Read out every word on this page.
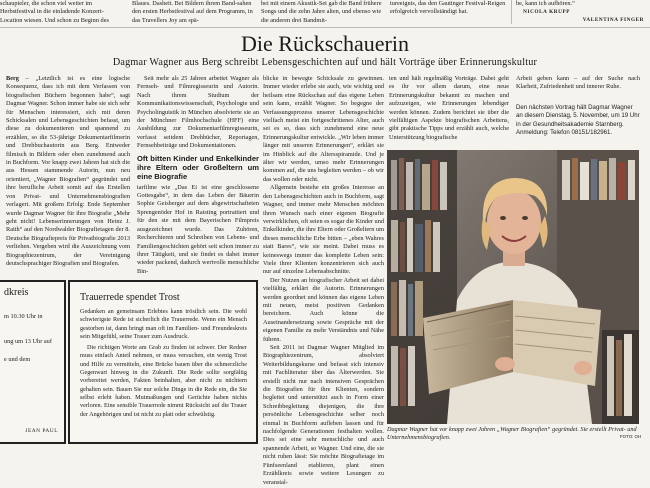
schaupieler, die schon viel weiter im Herbstfestival in die einladende Konzert-Location wiesen. Und schon zu Beginn des
Blaues. Dasheit. Bei Bildern ihrem Band-sahen den ersten Herbstfestival auf dem Programm, in das Travellers Joy am spä-
bei mit einem Akustik-Set gab die Band frühere Songs und die zehn Jahre alten, und ebenso wie die anderen drei Bandmit-
tureeignis, das den Gautinger Festival-Reigen erfolgreich vervollständigt hat.
be, kann ich aufhören.“
NICOLA KRUPP
VALENTINA FINGER
Die Rückschauerin
Dagmar Wagner aus Berg schreibt Lebensgeschichten auf und hält Vorträge über Erinnerungskultur

Berg – „Letztlich ist es eine logische Konsequenz, dass ich mit dem Verfassen von biografischen Büchern begonnen habe“, sagt Dagmar Wagner. Schon immer habe sie sich sehr für Menschen interessiert, sich mit deren Schicksalen und Lebensgeschichten befasst, um diese zu dokumentieren und spannend zu erzählen, so die 53-jährige Dokumentarfilmerin und Drehbuchautorin aus Berg. Entweder filmisch in Bildern oder eben zunehmend auch in Buchform. Vor knapp zwei Jahren hat sich die aus Hessen stammende Autorin, nun neu orientiert, „Wagner Biografien“ gegründet und ihre berufliche Arbeit somit auf das Erstellen von Privat- und Unternehmensbiografien verlagert. Mit großem Erfolg: Ende September wurde Dagmar Wagner für ihre Biografie „Mehr geht nicht! Lebenserinnerungen von Heinz J. Raith“ auf den Nordwalder Biografietagen der 8. Deutsche Biografiepreis für Privatbiografie 2013 verliehen. Vergeben wird die Auszeichnung vom Biographiezentrum, der Vereinigung deutschsprachiger Biografien und Biografen.

Seit mehr als 25 Jahren arbeitet Wagner als Fernseh- und Filmregisseurin und Autorin. Nach ihrem Studium der Kommunikationswissenschaft, Psychologie und Psycholinguistik in München absolvierte sie an der Münchner Filmhochschule (HFF) eine Ausbildung zur Dokumentarfilmregisseurin, verfasst seitdem Drehbücher, Reportagen, Fernsehbeiträge und Dokumentationen.

Oft bitten Kinder und Enkelkinder ihre Eltern oder Großeltern um eine Biografie

tarfilme wie „Das Ei ist eine geschlossene Gottesgabe“, in dem das Leben der Bäuerin Sophie Geisberger auf dem abgewirtschafteten Sprengenöder Hof in Raisting portraitiert und für den sie mit dem Bayerischen Filmpreis ausgezeichnet wurde. Das Zuhören, Recherchieren und Schreiben von Lebens- und Familiengeschichten gehört seit schon immer zu ihrer Tätigkeit, und sie findet es dabei immer wieder packend, dadurch wertvolle menschliche Bin-

blicke in bewegte Schicksale zu gewinnen. Immer wieder erlebe sie auch, wie wichtig und heilsam eine Rückschau auf das eigene Leben sein kann, erzählt Wagner. So begegne der Verfassungsprozess unserer Lebensgeschichte vielfach meist ein fortgeschrittenes Alter, auch sei es so, dass sich zunehmend eine neue Erinnerungskultur entwickle. „Wir leben immer länger mit unseren Erinnerungen“, erklärt sie im Hinblick auf die Altersspiramide. Und je älter wir werden, umso mehr Erinnerungen kommen auf, die uns begleiten werden – ob wir das wollen oder nicht.

Allgemein bestehe ein großes Interesse an den Lebensgeschichten auch in Buchform, sagt Wagner, und immer mehr Menschen möchten ihren Wunsch nach einer eigenen Biografie verwirklichen, oft seien es sogar die Kinder und Enkelkinder, die ihre Eltern oder Großeltern um dieses menschliche Erbe bitten – „eben Wahres statt Bares“, wie sie meint. Dabei muss es keineswegs immer das komplette Leben sein: Viele ihrer Klienten konzentrieren sich auch nur auf einzelne Lebensabschnitte.

Der Nutzen an biografischer Arbeit sei dabei vielfältig, erklärt die Autorin. Erinnerungen werden geordnet und können das eigene Leben mit neuen, meist positiven Gedanken bereichern. Auch könne die Auseinandersetzung sowie Gespräche mit der eigenen Familie zu mehr Verständnis und Nähe führen.

Seit 2011 ist Dagmar Wagner Mitglied im Biographiezentrum, absolviert Weiterbildungskurse und befasst sich intensiv mit Fachliteratur über das Älterwerden. Sie erstellt nicht nur nach intensiven Gesprächen die Biografien für ihre Klienten, sondern begleitet und unterstützt auch in Form einer Schreibbegleitung diejenigen, die ihre persönliche Lebensgeschichte selber noch einmal in Buchform aufleben lassen und für nachfolgende Generationen festhalten wollen. Dies sei eine sehr menschliche und auch spannende Arbeit, so Wagner. Und eine, die sie nicht ruhen lässt: Sie möchte Biografietage im Fünfseenland etablieren, plant einen Erzählkreis sowie weitere Lesungen zu veranstal-

ten und hält regelmäßig Vorträge. Dabei geht es ihr vor allem darum, eine neue Erinnerungskultur bekannt zu machen und aufzuzeigen, wie Erinnerungen lebendiger werden können. Zudem berichtet sie über die vielfältigen Aspekte biografischen Arbeitens, gibt praktische Tipps und erzählt auch, welche Unterstützung biografische

Arbeit geben kann – auf der Suche nach Klarheit, Zufriedenheit und innerer Ruhe.

Den nächsten Vortrag hält Dagmar Wagner an diesem Dienstag, 5. November, um 19 Uhr in der Gesundheitsakademie Starnberg. Anmeldung: Telefon 08151/182961.
Dagmar Wagner hat vor knapp zwei Jahren „Wagner Biografien“ gegründet. Sie erstellt Privat- und Unternehmensbiografien.	FOTO: OH
dkreis
m 10.30 Uhr in
ung um 13 Uhr auf
e und dem
JEAN PAUL
Trauerrede spendet Trost

Gedanken an gemeinsam Erlebtes kann tröstlich sein. Die wohl schwierigste Rede ist sicherlich die Trauerrede. Wenn ein Mensch gestorben ist, dann bringt man oft im Familien- und Freundeskreis sein Mitgefühl, seine Trauer zum Ausdruck.

Die richtigen Worte am Grab zu finden ist schwer. Der Redner muss einfach Anteil nehmen, er muss versuchen, ein wenig Trost und Hilfe zu vermitteln, eine Brücke bauen über die schmerzliche Gegenwart hinweg in die Zukunft. Die Rede sollte sorgfältig vorbereitet werden, Fakten beinhalten, aber nicht zu nüchtern gehalten sein. Bauen Sie nur solche Dinge in die Rede ein, die Sie selbst erlebt haben. Mutmaßungen und Gerüchte haben nichts verloren. Eine sensible Trauerrede nimmt Rücksicht auf die Trauer der Angehörigen und ist nicht zu platt oder schwülstig.
